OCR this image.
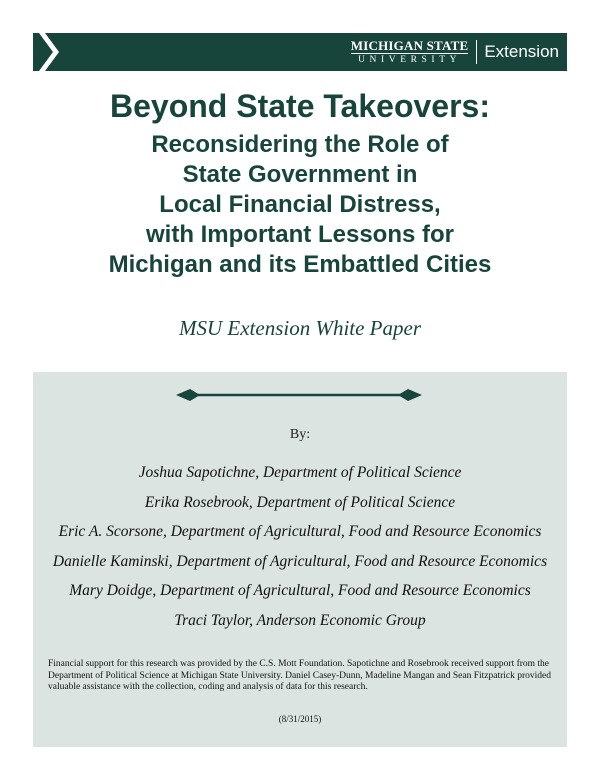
MICHIGAN STATE
UNIVERSITY	Extension
Beyond State Takeovers:
Reconsidering the Role of
State Government in
Local Financial Distress,
with Important Lessons for
Michigan and its Embattled Cities
MSU Extension White Paper
By:
Joshua Sapotichne, Department of Political Science
Erika Rosebrook, Department of Political Science
Eric A. Scorsone, Department of Agricultural, Food and Resource Economics
Danielle Kaminski, Department of Agricultural, Food and Resource Economics
Mary Doidge, Department of Agricultural, Food and Resource Economics
Traci Taylor, Anderson Economic Group
Financial support for this research was provided by the C.S. Mott Foundation. Sapotichne and Rosebrook received support from the Department of Political Science at Michigan State University. Daniel Casey-Dunn, Madeline Mangan and Sean Fitzpatrick provided valuable assistance with the collection, coding and analysis of data for this research.
(8/31/2015)
